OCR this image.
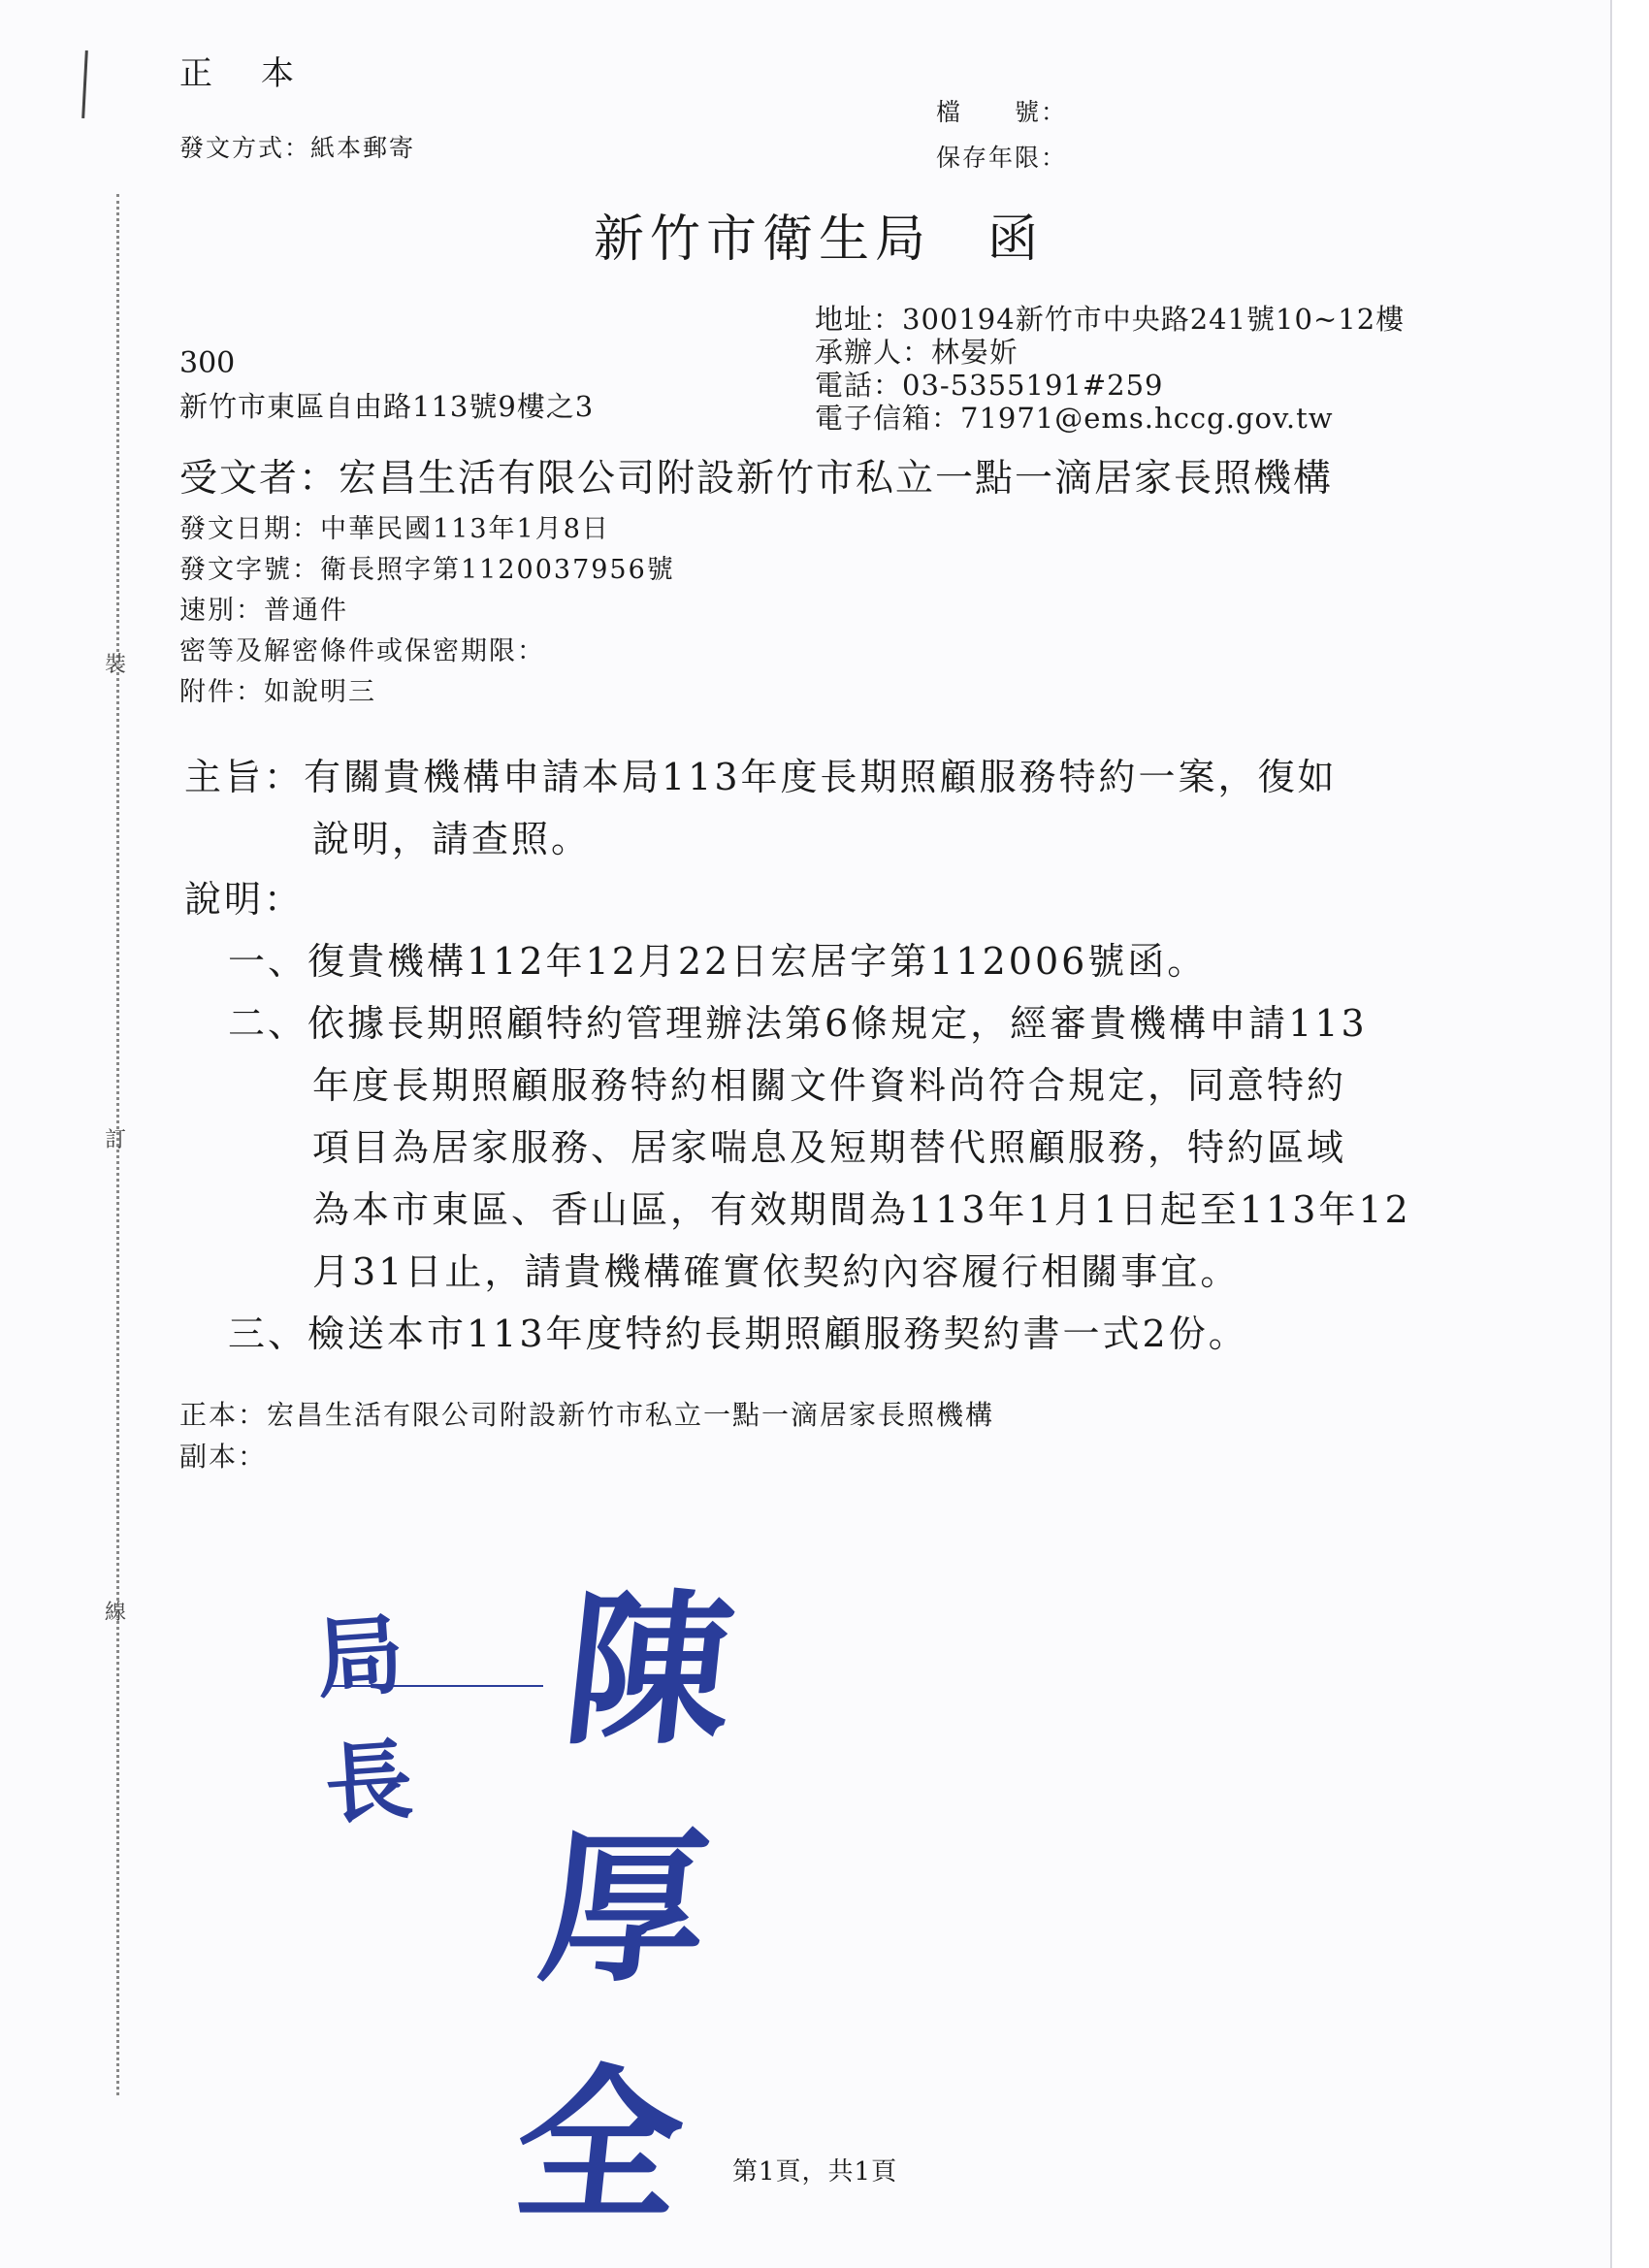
裝
訂
線
正　本
發文方式：紙本郵寄
檔　　號：
保存年限：
新竹市衛生局　函
地址：300194新竹市中央路241號10~12樓
承辦人：林晏妡
電話：03-5355191#259
電子信箱：71971@ems.hccg.gov.tw
300
新竹市東區自由路113號9樓之3
受文者：宏昌生活有限公司附設新竹市私立一點一滴居家長照機構
發文日期：中華民國113年1月8日
發文字號：衛長照字第1120037956號
速別：普通件
密等及解密條件或保密期限：
附件：如說明三
主旨：有關貴機構申請本局113年度長期照顧服務特約一案，復如
說明，請查照。
說明：
一、復貴機構112年12月22日宏居字第112006號函。
二、依據長期照顧特約管理辦法第6條規定，經審貴機構申請113
年度長期照顧服務特約相關文件資料尚符合規定，同意特約
項目為居家服務、居家喘息及短期替代照顧服務，特約區域
為本市東區、香山區，有效期間為113年1月1日起至113年12
月31日止，請貴機構確實依契約內容履行相關事宜。
三、檢送本市113年度特約長期照顧服務契約書一式2份。
正本：宏昌生活有限公司附設新竹市私立一點一滴居家長照機構
副本：
局長
陳厚全	第1頁，共1頁
